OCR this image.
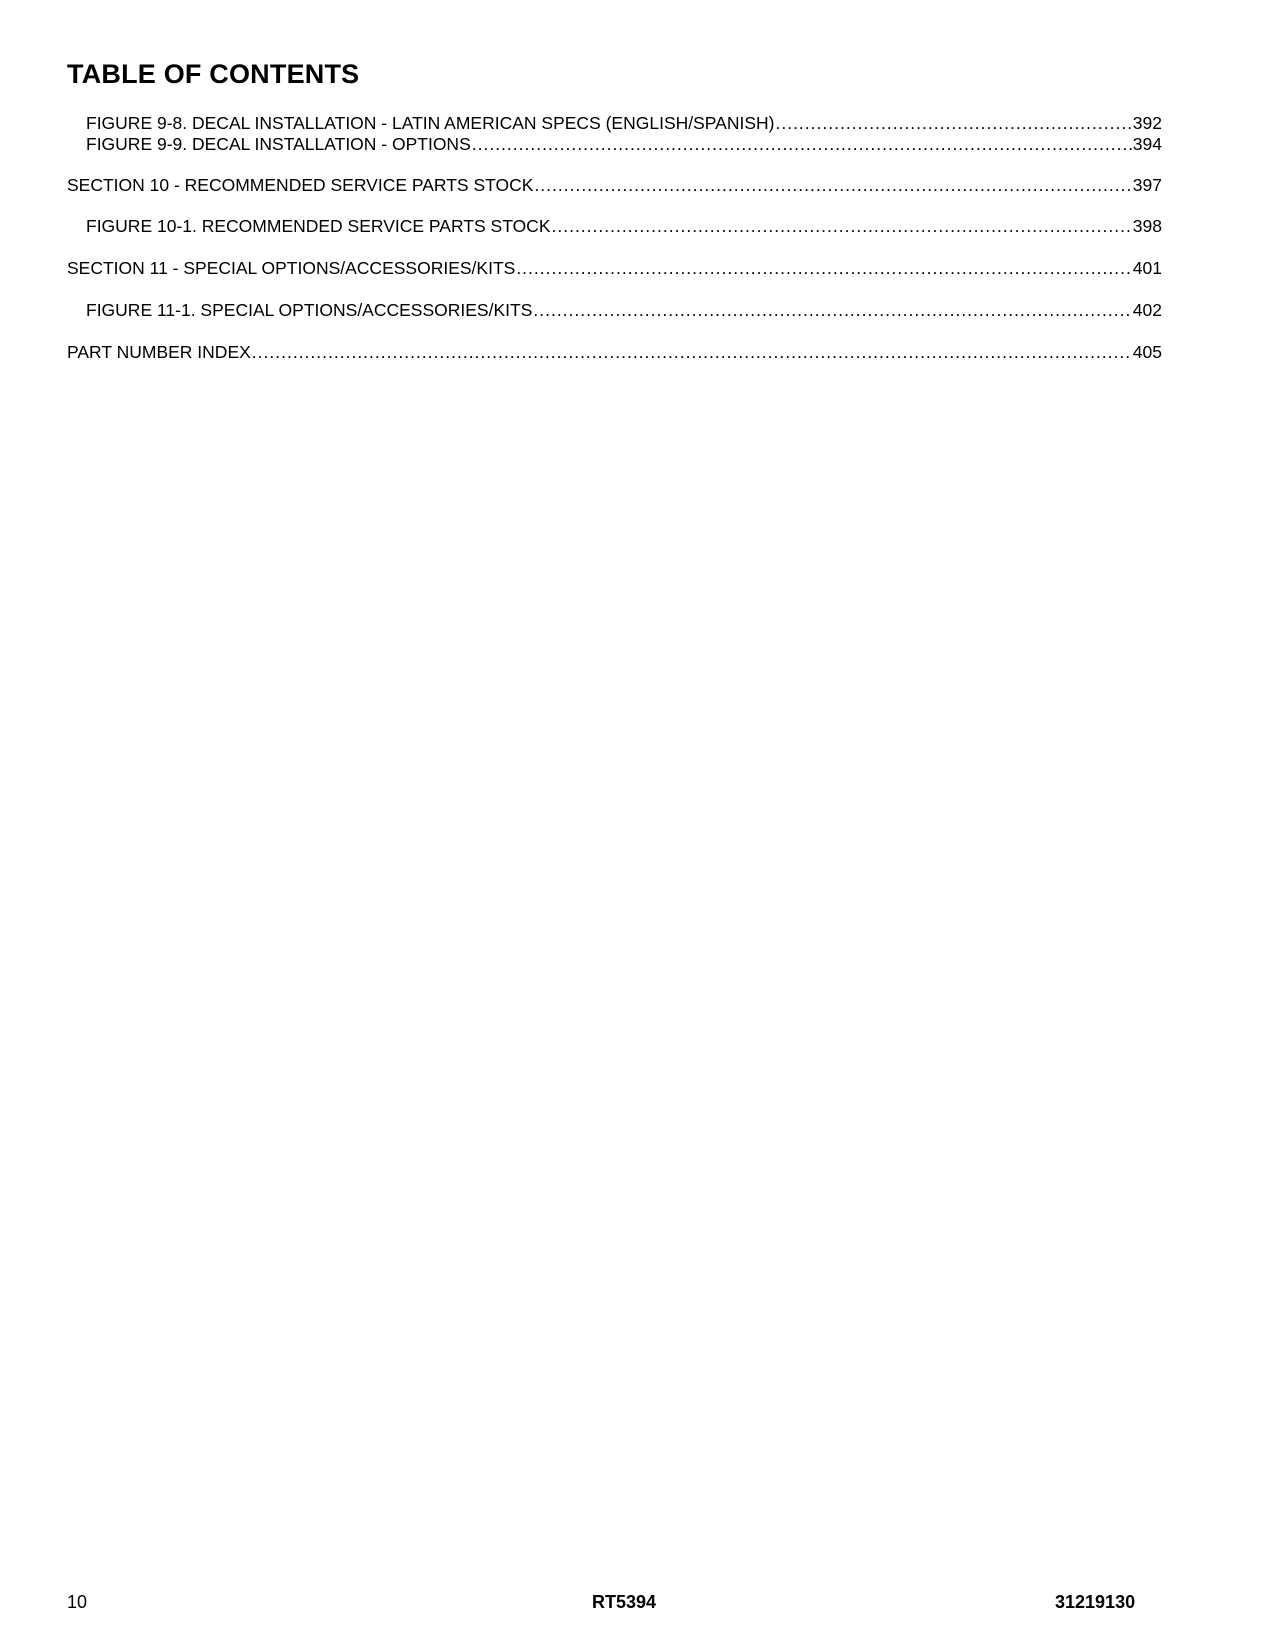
TABLE OF CONTENTS
FIGURE 9-8. DECAL INSTALLATION - LATIN AMERICAN SPECS (ENGLISH/SPANISH) .....	392
FIGURE 9-9. DECAL INSTALLATION - OPTIONS .....	394
SECTION 10 - RECOMMENDED SERVICE PARTS STOCK .....	397
FIGURE 10-1. RECOMMENDED SERVICE PARTS STOCK .....	398
SECTION 11 - SPECIAL OPTIONS/ACCESSORIES/KITS .....	401
FIGURE 11-1. SPECIAL OPTIONS/ACCESSORIES/KITS .....	402
PART NUMBER INDEX .....	405
10	RT5394	31219130
